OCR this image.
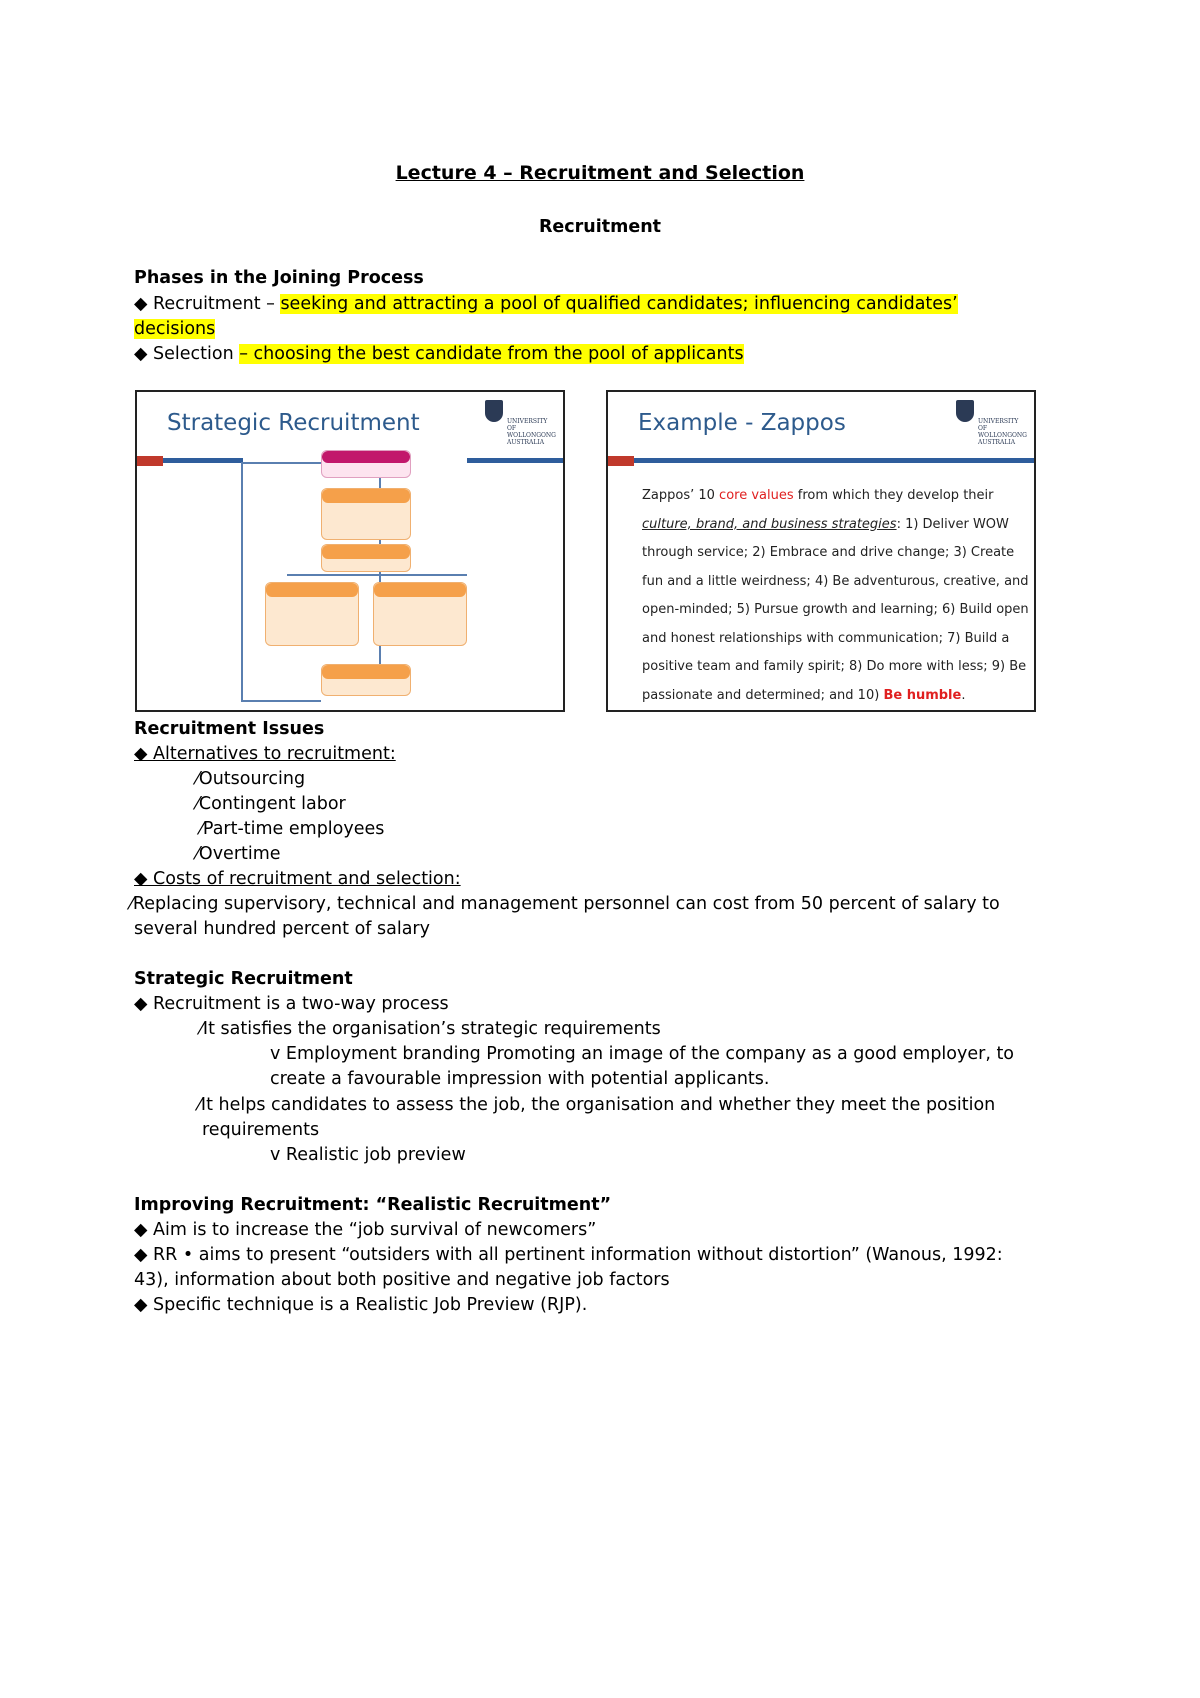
Lecture 4 – Recruitment and Selection
Recruitment
Phases in the Joining Process
◆ Recruitment – seeking and attracting a pool of qualified candidates; influencing candidates’
decisions
◆ Selection – choosing the best candidate from the pool of applicants
Strategic Recruitment	UNIVERSITY OF WOLLONGONG AUSTRALIA
Example - Zappos	UNIVERSITY OF WOLLONGONG AUSTRALIA
Zappos’ 10 core values from which they develop their
culture, brand, and business strategies: 1) Deliver WOW
through service; 2) Embrace and drive change; 3) Create
fun and a little weirdness; 4) Be adventurous, creative, and
open-minded; 5) Pursue growth and learning; 6) Build open
and honest relationships with communication; 7) Build a
positive team and family spirit; 8) Do more with less; 9) Be
passionate and determined; and 10) Be humble.
Recruitment Issues
◆ Alternatives to recruitment:
⁄Outsourcing
⁄Contingent labor
⁄Part-time employees
⁄Overtime
◆ Costs of recruitment and selection:
⁄Replacing supervisory, technical and management personnel can cost from 50 percent of salary to
several hundred percent of salary
Strategic Recruitment
◆ Recruitment is a two-way process
⁄It satisfies the organisation’s strategic requirements
v Employment branding Promoting an image of the company as a good employer, to
create a favourable impression with potential applicants.
⁄It helps candidates to assess the job, the organisation and whether they meet the position
requirements
v Realistic job preview
Improving Recruitment: “Realistic Recruitment”
◆ Aim is to increase the “job survival of newcomers”
◆ RR • aims to present “outsiders with all pertinent information without distortion” (Wanous, 1992:
43), information about both positive and negative job factors
◆ Specific technique is a Realistic Job Preview (RJP).
